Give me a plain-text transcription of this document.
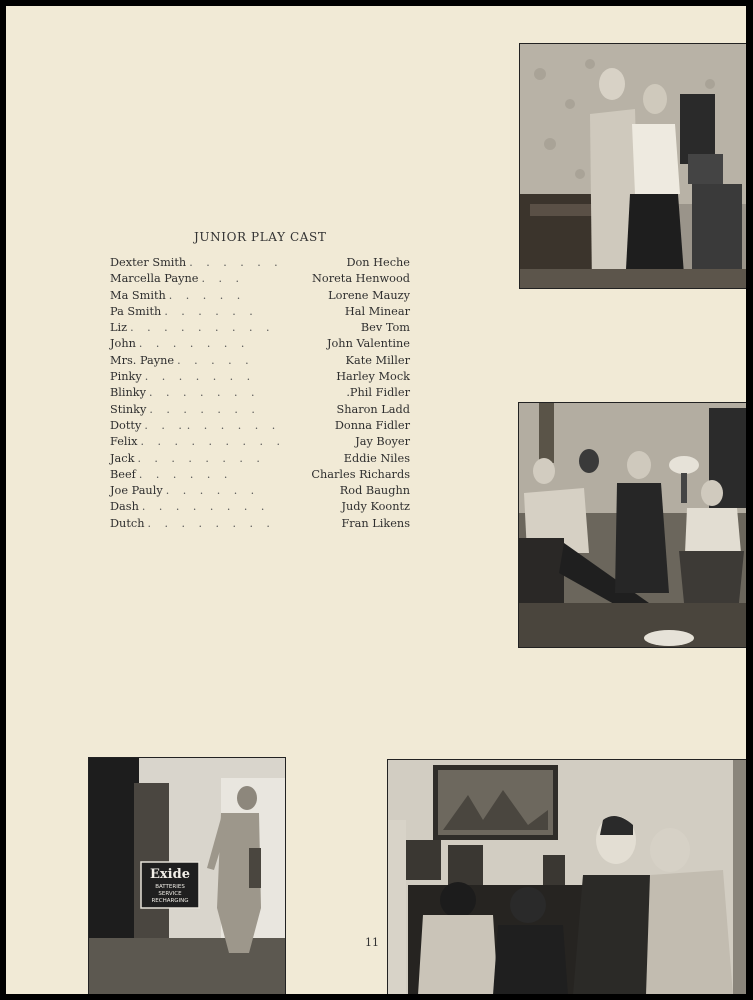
JUNIOR PLAY CAST
Dexter Smith . . . . . .	Don Heche
Marcella Payne . . .	Noreta Henwood
Ma Smith . . . . .	Lorene Mauzy
Pa Smith . . . . . .	Hal Minear
Liz . . . . . . . . .	Bev Tom
John . . . . . . .	John Valentine
Mrs. Payne . . . . .	Kate Miller
Pinky . . . . . . .	Harley Mock
Blinky . . . . . . .	.Phil Fidler
Stinky . . . . . . .	Sharon Ladd
Dotty . . .. . . . . .	Donna Fidler
Felix . . . . . . . . .	Jay Boyer
Jack . . . . . . . .	Eddie Niles
Beef . . . . . .	Charles Richards
Joe Pauly . . . . . .	Rod Baughn
Dash . . . . . . . .	Judy Koontz
Dutch . . . . . . . .	Fran Likens
Exide
BATTERIES
SERVICE
RECHARGING
11
